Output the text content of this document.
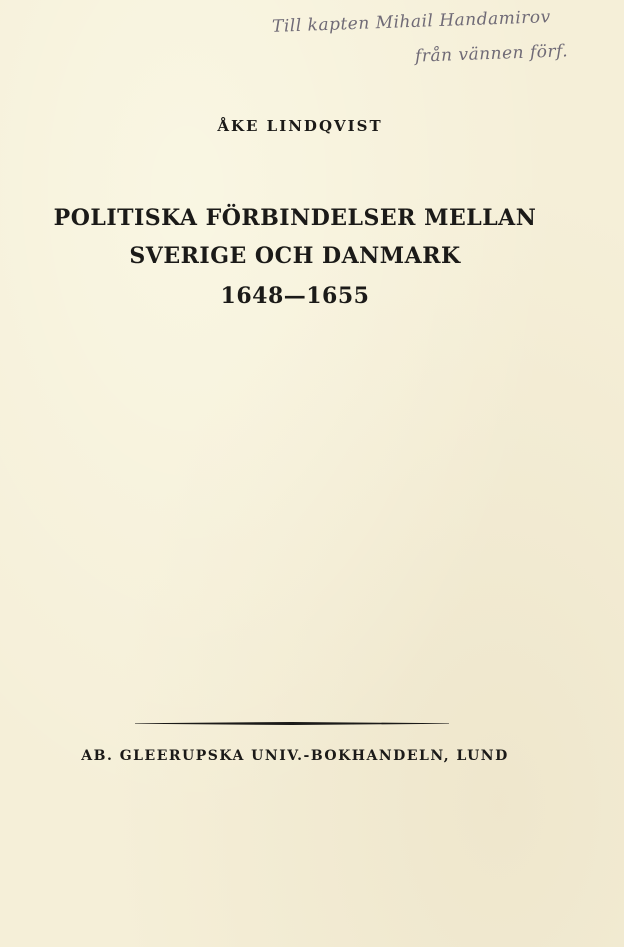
Till kapten Mihail Handamirov
från vännen förf.
ÅKE LINDQVIST
POLITISKA FÖRBINDELSER MELLAN
SVERIGE OCH DANMARK
1648—1655
AB. GLEERUPSKA UNIV.-BOKHANDELN, LUND
